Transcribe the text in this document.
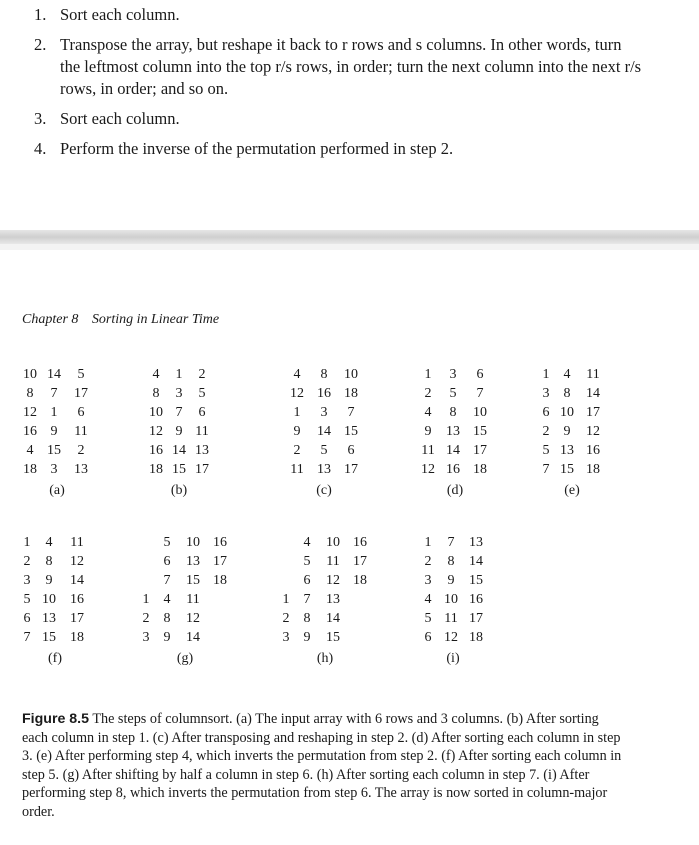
1. Sort each column.
2. Transpose the array, but reshape it back to r rows and s columns. In other words, turn the leftmost column into the top r/s rows, in order; turn the next column into the next r/s rows, in order; and so on.
3. Sort each column.
4. Perform the inverse of the permutation performed in step 2.
Chapter 8 Sorting in Linear Time
10	14	5
8	7	17
12	1	6
16	9	11
4	15	2
18	3	13
(a)
4	1	2
8	3	5
10	7	6
12	9	11
16	14	13
18	15	17
(b)
4	8	10
12	16	18
1	3	7
9	14	15
2	5	6
11	13	17
(c)
1	3	6
2	5	7
4	8	10
9	13	15
11	14	17
12	16	18
(d)
1	4	11
3	8	14
6	10	17
2	9	12
5	13	16
7	15	18
(e)
1	4	11
2	8	12
3	9	14
5	10	16
6	13	17
7	15	18
(f)
	5	10	16
	6	13	17
	7	15	18
1	4	11	
2	8	12	
3	9	14	
(g)
	4	10	16
	5	11	17
	6	12	18
1	7	13	
2	8	14	
3	9	15	
(h)
1	7	13
2	8	14
3	9	15
4	10	16
5	11	17
6	12	18
(i)
Figure 8.5 The steps of columnsort. (a) The input array with 6 rows and 3 columns. (b) After sorting each column in step 1. (c) After transposing and reshaping in step 2. (d) After sorting each column in step 3. (e) After performing step 4, which inverts the permutation from step 2. (f) After sorting each column in step 5. (g) After shifting by half a column in step 6. (h) After sorting each column in step 7. (i) After performing step 8, which inverts the permutation from step 6. The array is now sorted in column-major order.
